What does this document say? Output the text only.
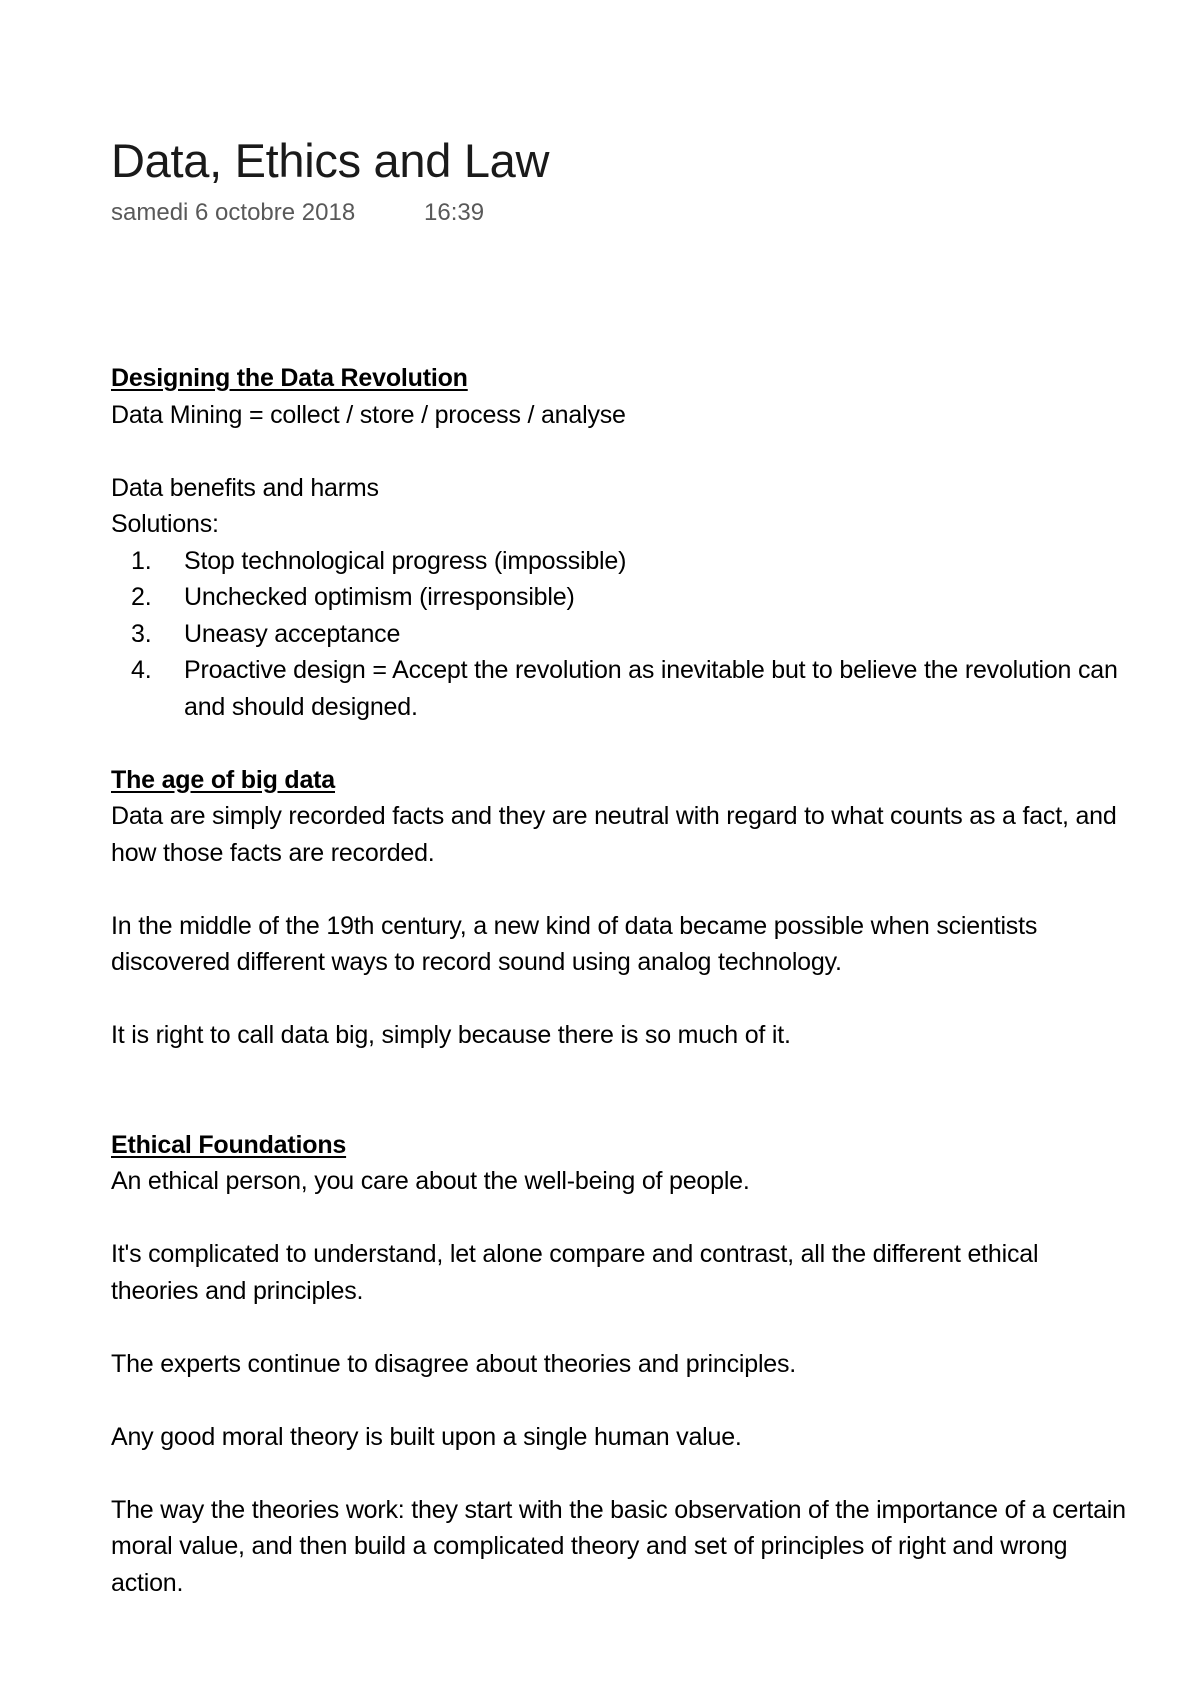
Data, Ethics and Law
samedi 6 octobre 2018	16:39

Designing the Data Revolution

Data Mining = collect / store / process / analyse

Data benefits and harms

Solutions:

1. Stop technological progress (impossible)
2. Unchecked optimism (irresponsible)
3. Uneasy acceptance
4. Proactive design = Accept the revolution as inevitable but to believe the revolution can and should designed.

The age of big data

Data are simply recorded facts and they are neutral with regard to what counts as a fact, and how those facts are recorded.

In the middle of the 19th century, a new kind of data became possible when scientists discovered different ways to record sound using analog technology.

It is right to call data big, simply because there is so much of it.

Ethical Foundations

An ethical person, you care about the well-being of people.

It's complicated to understand, let alone compare and contrast, all the different ethical theories and principles.

The experts continue to disagree about theories and principles.

Any good moral theory is built upon a single human value.

The way the theories work: they start with the basic observation of the importance of a certain moral value, and then build a complicated theory and set of principles of right and wrong action.
